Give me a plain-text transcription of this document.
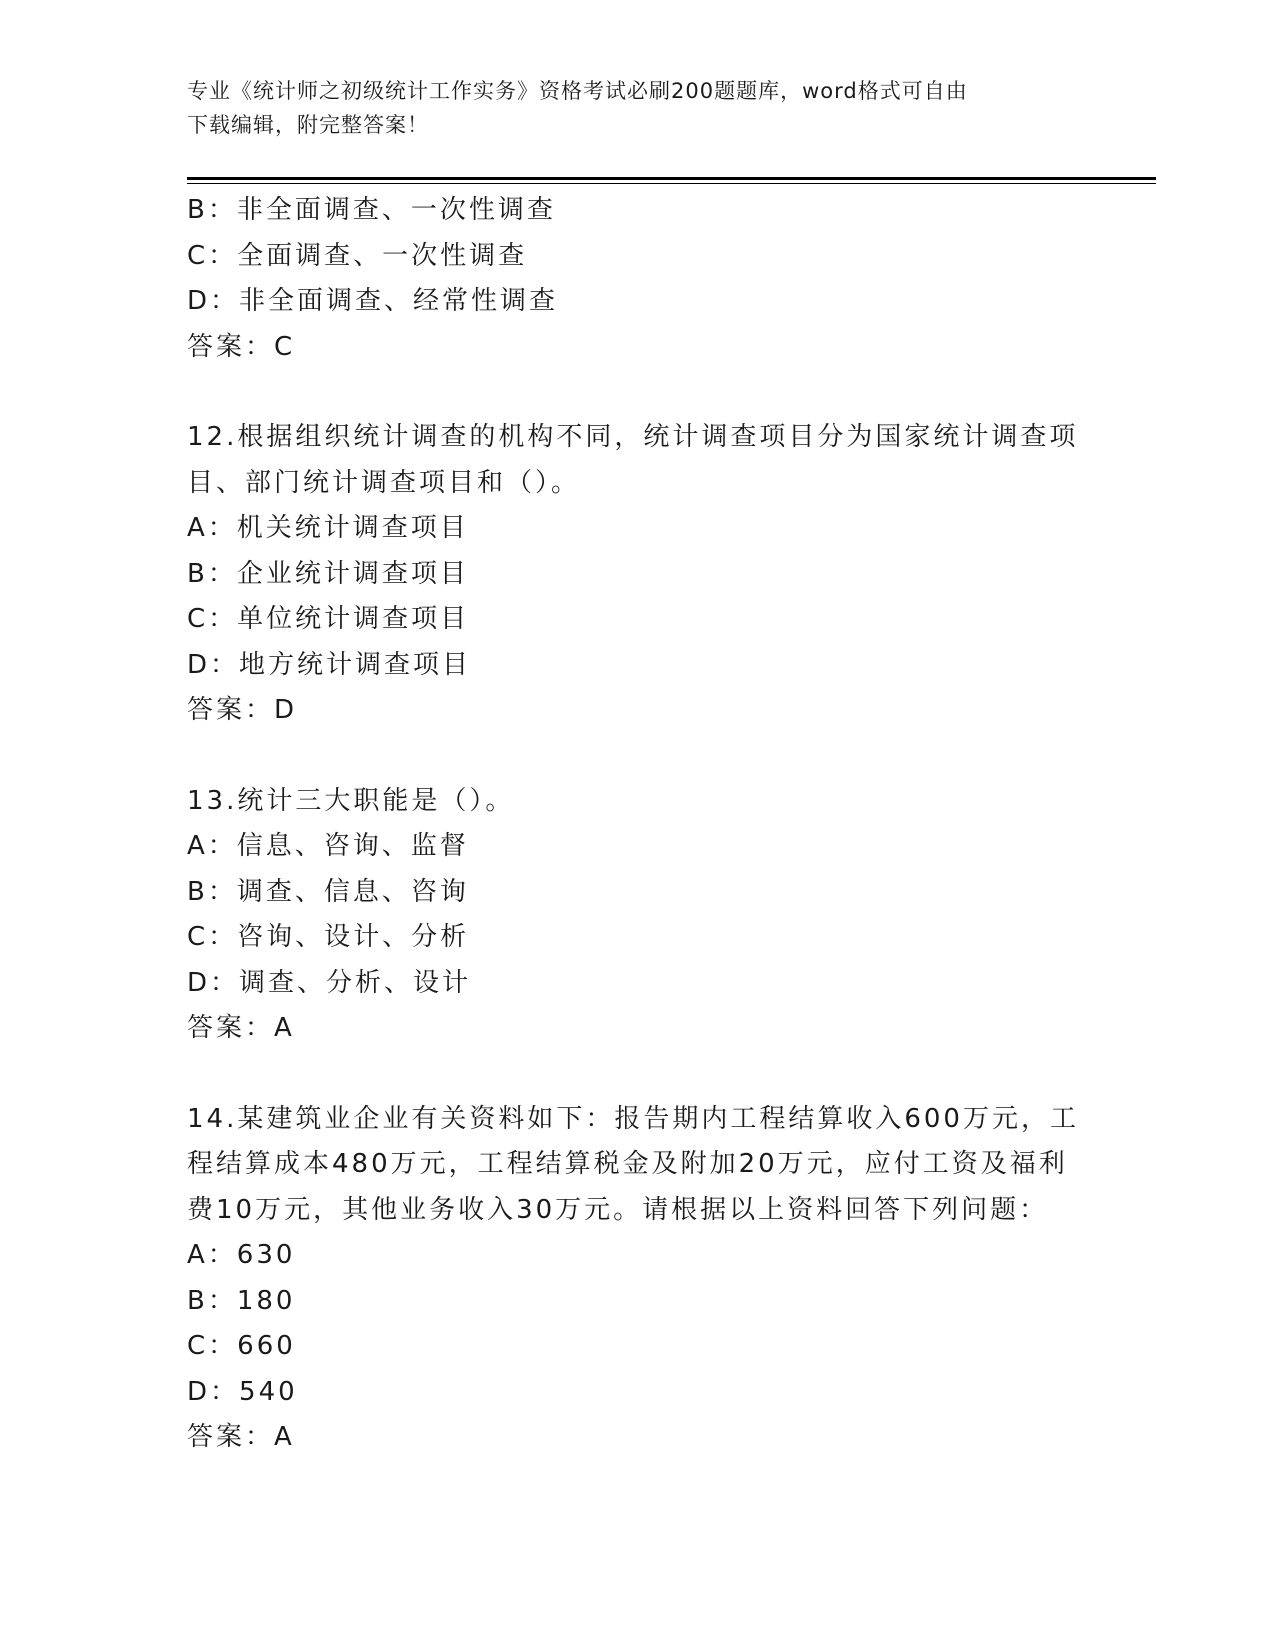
专业《统计师之初级统计工作实务》资格考试必刷200题题库，word格式可自由

下载编辑，附完整答案！

B：非全面调查、一次性调查

C：全面调查、一次性调查

D：非全面调查、经常性调查

答案：C

12.根据组织统计调查的机构不同，统计调查项目分为国家统计调查项

目、部门统计调查项目和（）。

A：机关统计调查项目

B：企业统计调查项目

C：单位统计调查项目

D：地方统计调查项目

答案：D

13.统计三大职能是（）。

A：信息、咨询、监督

B：调查、信息、咨询

C：咨询、设计、分析

D：调查、分析、设计

答案：A

14.某建筑业企业有关资料如下：报告期内工程结算收入600万元，工

程结算成本480万元，工程结算税金及附加20万元，应付工资及福利

费10万元，其他业务收入30万元。请根据以上资料回答下列问题：

A：630

B：180

C：660

D：540

答案：A
